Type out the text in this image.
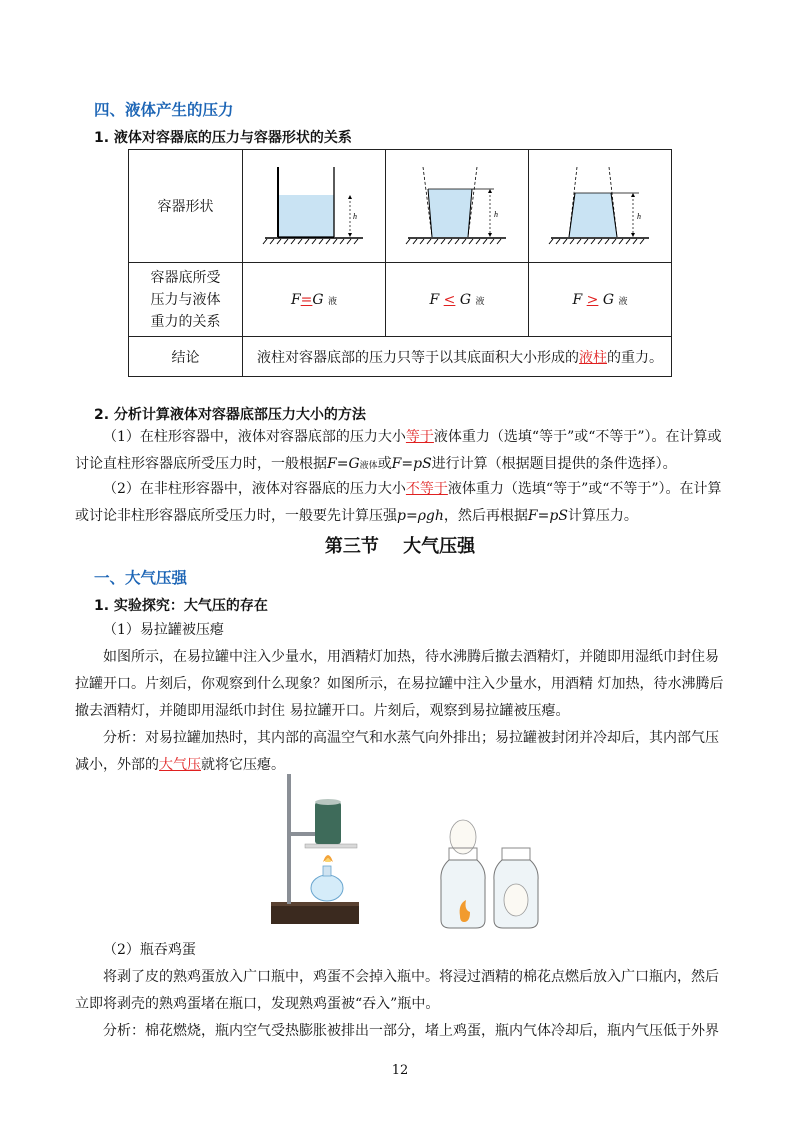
四、液体产生的压力
1. 液体对容器底的压力与容器形状的关系
容器形状	h	h	h

容器底所受
压力与液体
重力的关系	F=G 液	F < G 液	F > G 液
结论	液柱对容器底部的压力只等于以其底面积大小形成的液柱的重力。		
2. 分析计算液体对容器底部压力大小的方法
（1）在柱形容器中，液体对容器底部的压力大小等于液体重力（选填“等于”或“不等于”）。在计算或讨论直柱形容器底所受压力时，一般根据F=G液体或F=pS进行计算（根据题目提供的条件选择）。
（2）在非柱形容器中，液体对容器底的压力大小不等于液体重力（选填“等于”或“不等于”）。在计算或讨论非柱形容器底所受压力时，一般要先计算压强p=ρgh，然后再根据F=pS计算压力。
第三节　 大气压强
一、大气压强
1. 实验探究：大气压的存在
（1）易拉罐被压瘪
如图所示，在易拉罐中注入少量水，用酒精灯加热，待水沸腾后撤去酒精灯，并随即用湿纸巾封住易拉罐开口。片刻后，你观察到什么现象？如图所示，在易拉罐中注入少量水，用酒精 灯加热，待水沸腾后撤去酒精灯，并随即用湿纸巾封住 易拉罐开口。片刻后，观察到易拉罐被压瘪。
分析：对易拉罐加热时，其内部的高温空气和水蒸气向外排出；易拉罐被封闭并冷却后，其内部气压减小，外部的大气压就将它压瘪。
（2）瓶吞鸡蛋
将剥了皮的熟鸡蛋放入广口瓶中，鸡蛋不会掉入瓶中。将浸过酒精的棉花点燃后放入广口瓶内，然后立即将剥壳的熟鸡蛋堵在瓶口，发现熟鸡蛋被“吞入”瓶中。
分析：棉花燃烧，瓶内空气受热膨胀被排出一部分，堵上鸡蛋，瓶内气体冷却后，瓶内气压低于外界
12
